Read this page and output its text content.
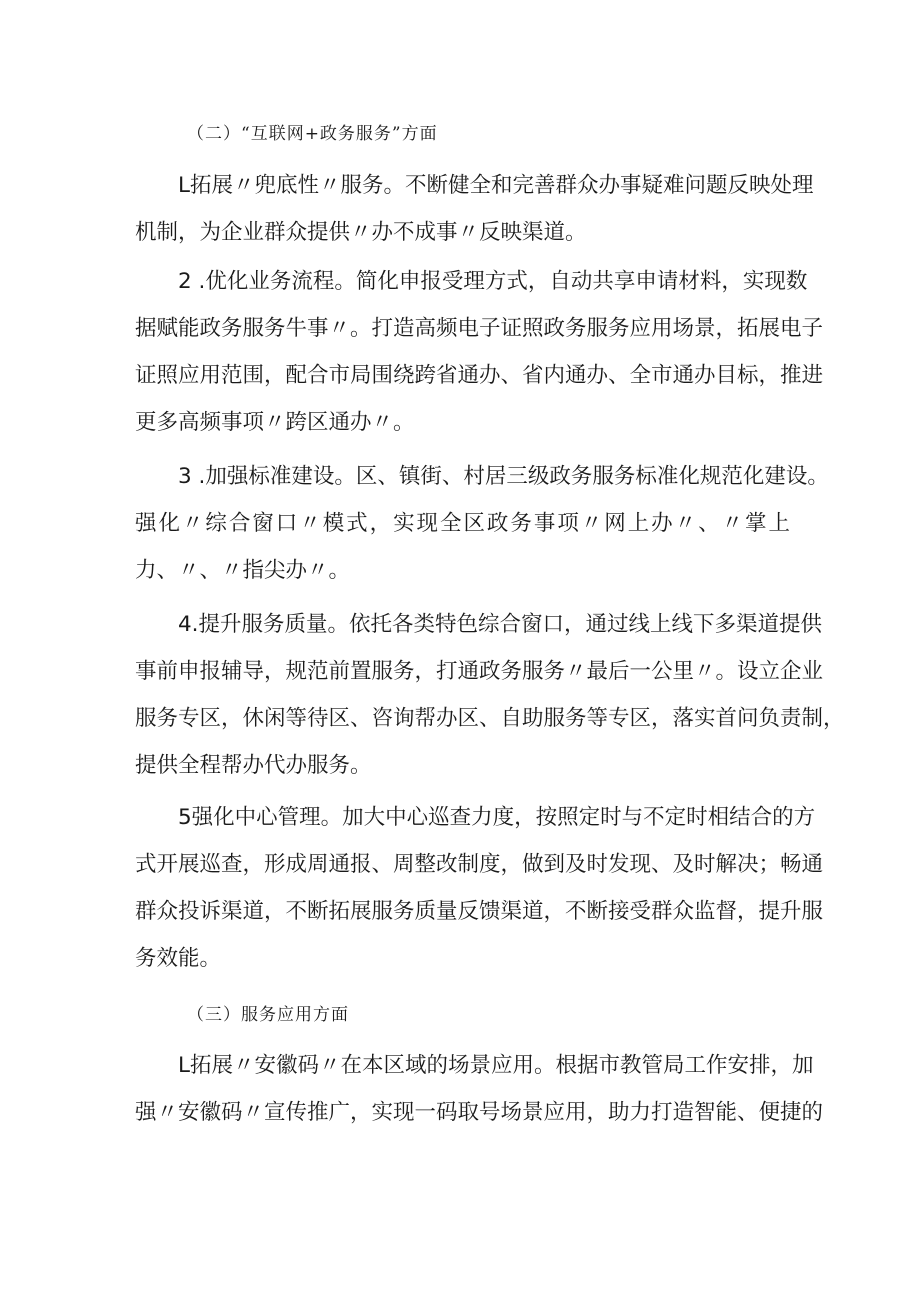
（二）“互联网+政务服务”方面
L拓展〃兜底性〃服务。不断健全和完善群众办事疑难问题反映处理
机制，为企业群众提供〃办不成事〃反映渠道。
2 .优化业务流程。简化申报受理方式，自动共享申请材料，实现数
据赋能政务服务牛事〃。打造高频电子证照政务服务应用场景，拓展电子
证照应用范围，配合市局围绕跨省通办、省内通办、全市通办目标，推进
更多高频事项〃跨区通办〃。
3 .加强标准建设。区、镇街、村居三级政务服务标准化规范化建设。
强化〃综合窗口〃模式，实现全区政务事项〃网上办〃、〃掌上
力、〃、〃指尖办〃。
4.提升服务质量。依托各类特色综合窗口，通过线上线下多渠道提供
事前申报辅导，规范前置服务，打通政务服务〃最后一公里〃。设立企业
服务专区，休闲等待区、咨询帮办区、自助服务等专区，落实首问负责制，
提供全程帮办代办服务。
5强化中心管理。加大中心巡查力度，按照定时与不定时相结合的方
式开展巡查，形成周通报、周整改制度，做到及时发现、及时解决；畅通
群众投诉渠道，不断拓展服务质量反馈渠道，不断接受群众监督，提升服
务效能。
（三）服务应用方面
L拓展〃安徽码〃在本区域的场景应用。根据市教管局工作安排，加
强〃安徽码〃宣传推广，实现一码取号场景应用，助力打造智能、便捷的
